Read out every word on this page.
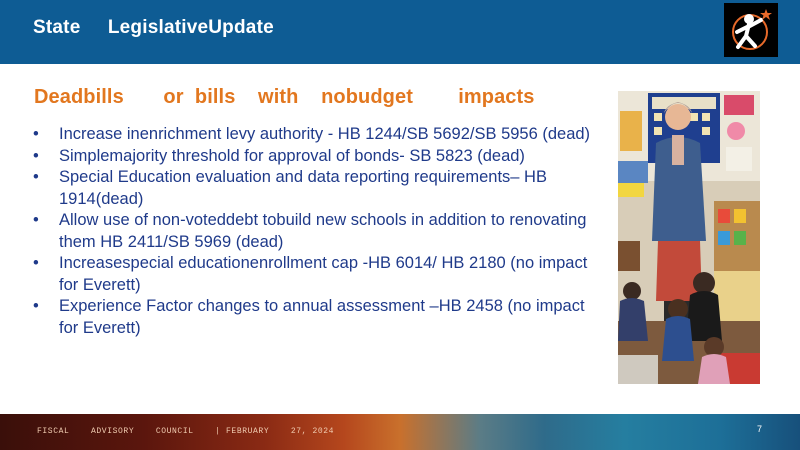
State     LegislativeUpdate
Deadbills       or  bills    with    nobudget        impacts
•	Increase inenrichment levy authority - HB 1244/SB 5692/SB 5956 (dead)
•	Simplemajority threshold for approval of bonds- SB 5823 (dead)
•	Special Education evaluation and data reporting requirements– HB 1914(dead)
•	Allow use of non-voteddebt tobuild new schools in addition to renovating them HB 2411/SB 5969 (dead)
•	Increasespecial educationenrollment cap -HB 6014/ HB 2180 (no impact for Everett)
•	Experience Factor changes to annual assessment –HB 2458 (no impact for Everett)
FISCAL    ADVISORY    COUNCIL    | FEBRUARY    27, 2024	7
